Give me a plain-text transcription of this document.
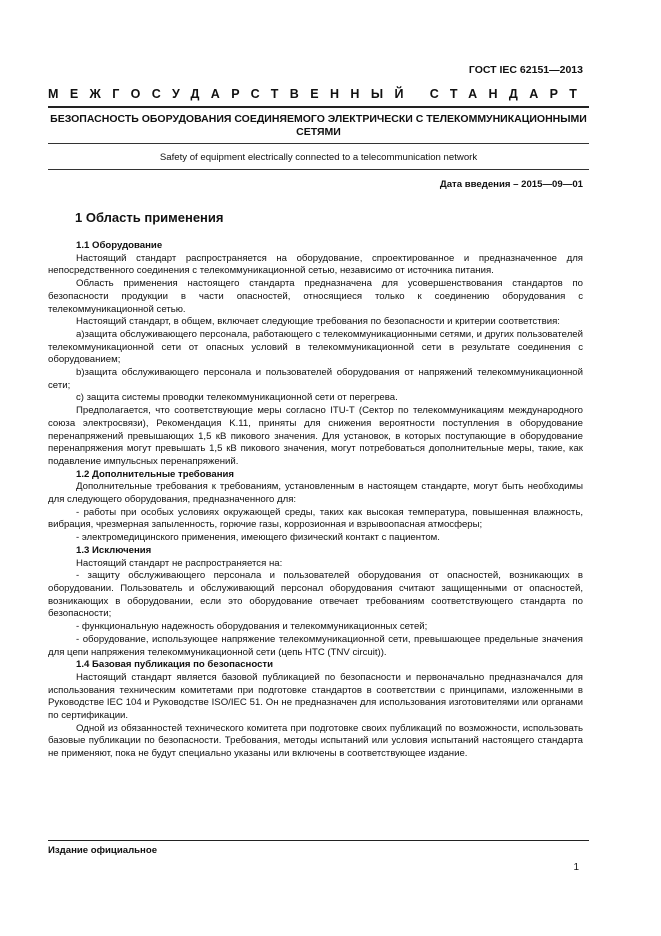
ГОСТ IEC 62151—2013
МЕЖГОСУДАРСТВЕННЫЙ СТАНДАРТ
БЕЗОПАСНОСТЬ ОБОРУДОВАНИЯ СОЕДИНЯЕМОГО ЭЛЕКТРИЧЕСКИ С ТЕЛЕКОММУНИКАЦИОННЫМИ СЕТЯМИ
Safety of equipment electrically connected to a telecommunication network
Дата введения – 2015—09—01
1 Область применения
1.1 Оборудование

Настоящий стандарт распространяется на оборудование, спроектированное и предназначенное для непосредственного соединения с телекоммуникационной сетью, независимо от источника питания.

Область применения настоящего стандарта предназначена для усовершенствования стандартов по безопасности продукции в части опасностей, относящиеся только к соединению оборудования с телекоммуникационной сетью.

Настоящий стандарт, в общем, включает следующие требования по безопасности и критерии соответствия:

a)защита обслуживающего персонала, работающего с телекоммуникационными сетями, и других пользователей телекоммуникационной сети от опасных условий в телекоммуникационной сети в результате соединения с оборудованием;

b)защита обслуживающего персонала и пользователей оборудования от напряжений телекоммуникационной сети;

c) защита системы проводки телекоммуникационной сети от перегрева.

Предполагается, что соответствующие меры согласно ITU-T (Сектор по телекоммуникациям международного союза электросвязи), Рекомендация K.11, приняты для снижения вероятности поступления в оборудование перенапряжений превышающих 1,5 кВ пикового значения. Для установок, в которых поступающие в оборудование перенапряжения могут превышать 1,5 кВ пикового значения, могут потребоваться дополнительные меры, такие, как подавление импульсных перенапряжений.

1.2 Дополнительные требования

Дополнительные требования к требованиям, установленным в настоящем стандарте, могут быть необходимы для следующего оборудования, предназначенного для:

- работы при особых условиях окружающей среды, таких как высокая температура, повышенная влажность, вибрация, чрезмерная запыленность, горючие газы, коррозионная и взрывоопасная атмосферы;

- электромедицинского применения, имеющего физический контакт с пациентом.

1.3 Исключения

Настоящий стандарт не распространяется на:

- защиту обслуживающего персонала и пользователей оборудования от опасностей, возникающих в оборудовании. Пользователь и обслуживающий персонал оборудования считают защищенными от опасностей, возникающих в оборудовании, если это оборудование отвечает требованиям соответствующего стандарта по безопасности;

- функциональную надежность оборудования и телекоммуникационных сетей;

- оборудование, использующее напряжение телекоммуникационной сети, превышающее предельные значения для цепи напряжения телекоммуникационной сети (цепь НТС (TNV circuit)).

1.4 Базовая публикация по безопасности

Настоящий стандарт является базовой публикацией по безопасности и первоначально предназначался для использования техническим комитетами при подготовке стандартов в соответствии с принципами, изложенными в Руководстве IEC 104 и Руководстве ISO/IEC 51. Он не предназначен для использования изготовителями или органами по сертификации.

Одной из обязанностей технического комитета при подготовке своих публикаций по возможности, использовать базовые публикации по безопасности. Требования, методы испытаний или условия испытаний настоящего стандарта не применяют, пока не будут специально указаны или включены в соответствующее издание.

Издание официальное
1
